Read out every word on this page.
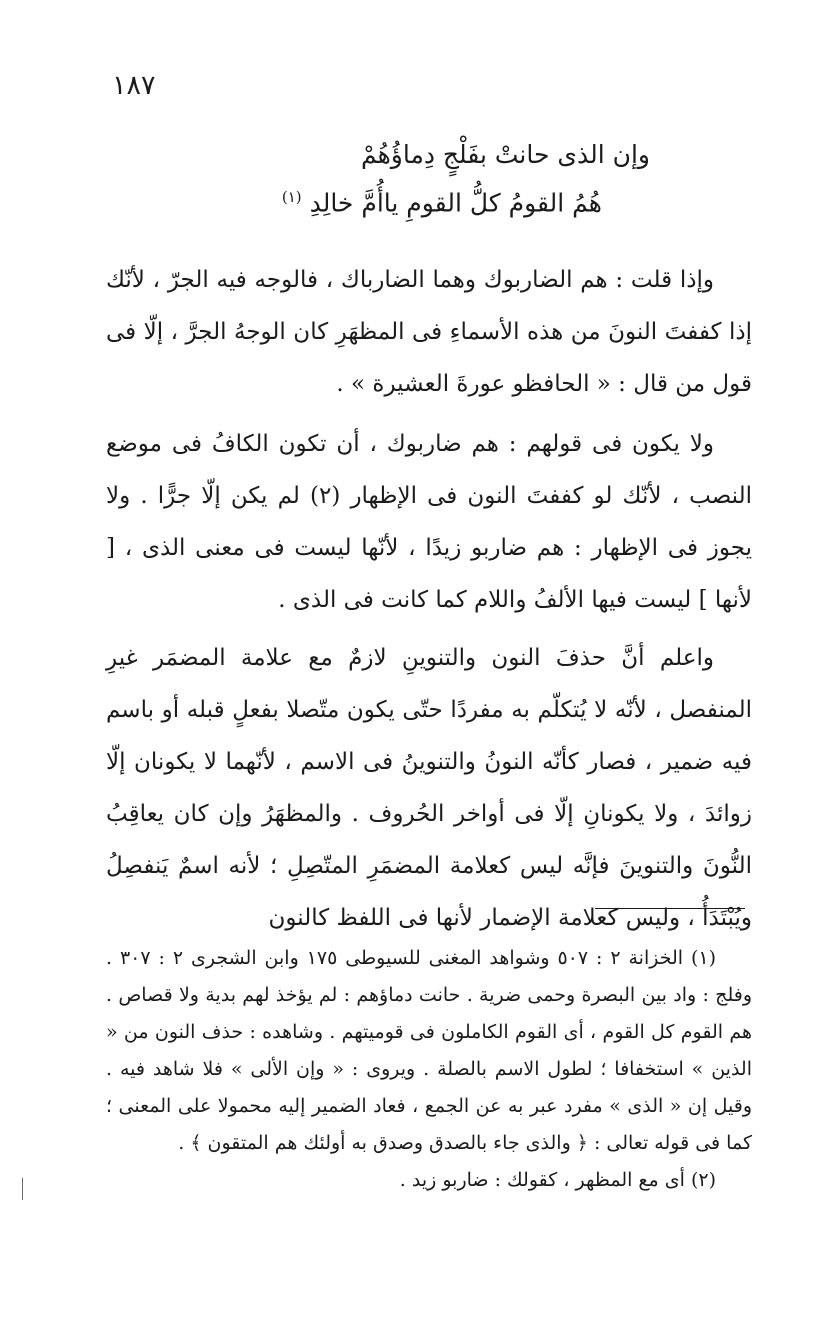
١٨٧
وإن الذى حانتْ بفَلْجٍ دِماؤُهُمْ
هُمُ القومُ كلُّ القومِ ياأُمَّ خالِدِ $^{(١)}$

وإذا قلت : هم الضاربوك وهما الضارباك ، فالوجه فيه الجرّ ، لأنّك إذا كففتَ النونَ من هذه الأسماءِ فى المظهَرِ كان الوجهُ الجرَّ ، إلّا فى قول من قال : « الحافظو عورةَ العشيرة » .

ولا يكون فى قولهم : هم ضاربوك ، أن تكون الكافُ فى موضع النصب ، لأنّك لو كففتَ النون فى الإظهار (٢) لم يكن إلّا جرًّا . ولا يجوز فى الإظهار : هم ضاربو زيدًا ، لأنّها ليست فى معنى الذى ، [ لأنها ] ليست فيها الألفُ واللام كما كانت فى الذى .

واعلم أنَّ حذفَ النون والتنوينِ لازمٌ مع علامة المضمَر غيرِ المنفصل ، لأنّه لا يُتكلّم به مفردًا حتّى يكون متّصلا بفعلٍ قبله أو باسم فيه ضمير ، فصار كأنّه النونُ والتنوينُ فى الاسم ، لأنّهما لا يكونان إلّا زوائدَ ، ولا يكونانِ إلّا فى أواخر الحُروف . والمظهَرُ وإن كان يعاقِبُ النُّونَ والتنوينَ فإنَّه ليس كعلامة المضمَرِ المتّصِلِ ؛ لأنه اسمٌ يَنفصِلُ ويُبْتَدَأُ ، وليس كعلامة الإضمار لأنها فى اللفظ كالنون

(١) الخزانة ٢ : ٥٠٧ وشواهد المغنى للسيوطى ١٧٥ وابن الشجرى ٢ : ٣٠٧ . وفلج : واد بين البصرة وحمى ضرية . حانت دماؤهم : لم يؤخذ لهم بدية ولا قصاص . هم القوم كل القوم ، أى القوم الكاملون فى قوميتهم . وشاهده : حذف النون من « الذين » استخفافا ؛ لطول الاسم بالصلة . ويروى : « وإن الألى » فلا شاهد فيه . وقيل إن « الذى » مفرد عبر به عن الجمع ، فعاد الضمير إليه محمولا على المعنى ؛ كما فى قوله تعالى : ﴿ والذى جاء بالصدق وصدق به أولئك هم المتقون ﴾ .

(٢) أى مع المظهر ، كقولك : ضاربو زيد .
